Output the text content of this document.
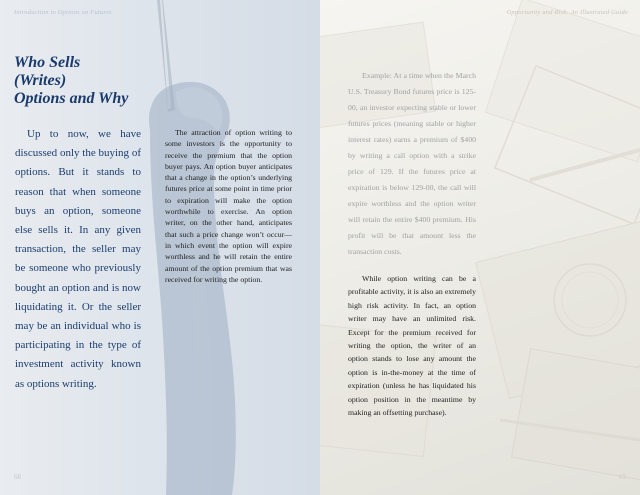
Introduction to Options on Futures
Who Sells
(Writes)
Options and Why

Up to now, we have discussed only the buying of options. But it stands to reason that when someone buys an option, someone else sells it. In any given transaction, the seller may be someone who previously bought an option and is now liquidating it. Or the seller may be an individual who is participating in the type of investment activity known as options writing.

The attraction of option writing to some investors is the opportunity to receive the premium that the option buyer pays. An option buyer anticipates that a change in the option’s underlying futures price at some point in time prior to expiration will make the option worthwhile to exercise. An option writer, on the other hand, anticipates that such a price change won’t occur—in which event the option will expire worthless and he will retain the entire amount of the option premium that was received for writing the option.

68
Opportunity and Risk: An Illustrated Guide

Example: At a time when the March U.S. Treasury Bond futures price is 125-00, an investor expecting stable or lower futures prices (meaning stable or higher interest rates) earns a premium of $400 by writing a call option with a strike price of 129. If the futures price at expiration is below 129-00, the call will expire worthless and the option writer will retain the entire $400 premium. His profit will be that amount less the transaction costs.

While option writing can be a profitable activity, it is also an extremely high risk activity. In fact, an option writer may have an unlimited risk. Except for the premium received for writing the option, the writer of an option stands to lose any amount the option is in-the-money at the time of expiration (unless he has liquidated his option position in the meantime by making an offsetting purchase).

69
